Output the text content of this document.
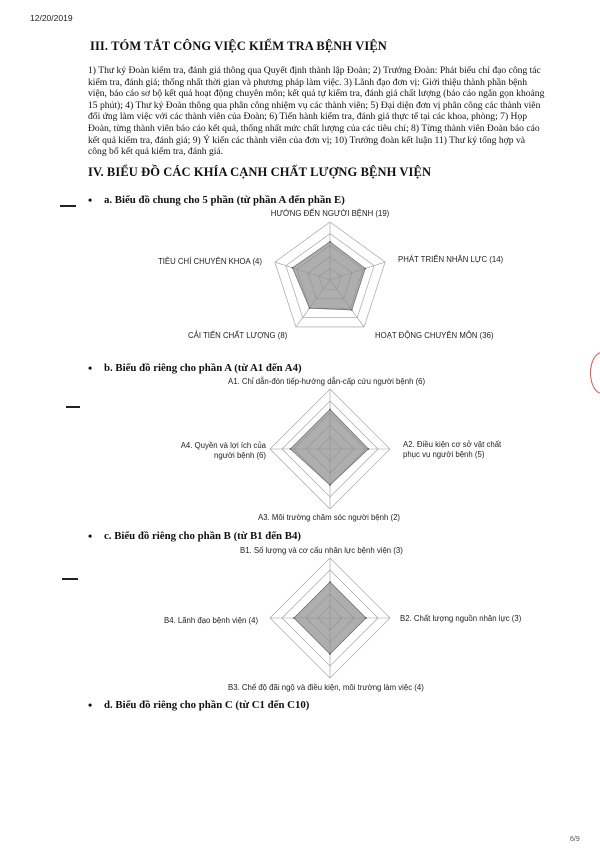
12/20/2019
III. TÓM TẮT CÔNG VIỆC KIỂM TRA BỆNH VIỆN
1) Thư ký Đoàn kiểm tra, đánh giá thông qua Quyết định thành lập Đoàn; 2) Trưởng Đoàn: Phát biểu chỉ đạo công tác
kiểm tra, đánh giá; thống nhất thời gian và phương pháp làm việc. 3) Lãnh đạo đơn vị: Giới thiệu thành phần bệnh
viện, báo cáo sơ bộ kết quả hoạt động chuyên môn; kết quả tự kiểm tra, đánh giá chất lượng (báo cáo ngắn gọn khoảng
15 phút); 4) Thư ký Đoàn thông qua phân công nhiệm vụ các thành viên; 5) Đại diện đơn vị phân công các thành viên
đối ứng làm việc với các thành viên của Đoàn; 6) Tiến hành kiểm tra, đánh giá thực tế tại các khoa, phòng; 7) Họp
Đoàn, từng thành viên báo cáo kết quả, thống nhất mức chất lượng của các tiêu chí; 8) Từng thành viên Đoàn báo cáo
kết quả kiểm tra, đánh giá; 9) Ý kiến các thành viên của đơn vị; 10) Trưởng đoàn kết luận 11) Thư ký tổng hợp và
công bố kết quả kiểm tra, đánh giá.
IV. BIỂU ĐỒ CÁC KHÍA CẠNH CHẤT LƯỢNG BỆNH VIỆN
• a. Biểu đồ chung cho 5 phần (từ phần A đến phần E)
HƯỚNG ĐẾN NGƯỜI BỆNH (19)
PHÁT TRIỂN NHÂN LỰC (14)
HOẠT ĐỘNG CHUYÊN MÔN (36)
CẢI TIẾN CHẤT LƯỢNG (8)
TIÊU CHÍ CHUYÊN KHOA (4)
• b. Biểu đồ riêng cho phần A (từ A1 đến A4)
A1. Chỉ dẫn-đón tiếp-hướng dẫn-cấp cứu người bệnh (6)
A2. Điều kiện cơ sở vật chất phục vụ người bệnh (5)
A3. Môi trường chăm sóc người bệnh (2)
A4. Quyền và lợi ích của người bệnh (6)
• c. Biểu đồ riêng cho phần B (từ B1 đến B4)
B1. Số lượng và cơ cấu nhân lực bệnh viện (3)
B2. Chất lượng nguồn nhân lực (3)
B3. Chế độ đãi ngộ và điều kiện, môi trường làm việc (4)
B4. Lãnh đạo bệnh viện (4)
• d. Biểu đồ riêng cho phần C (từ C1 đến C10)
6/9
